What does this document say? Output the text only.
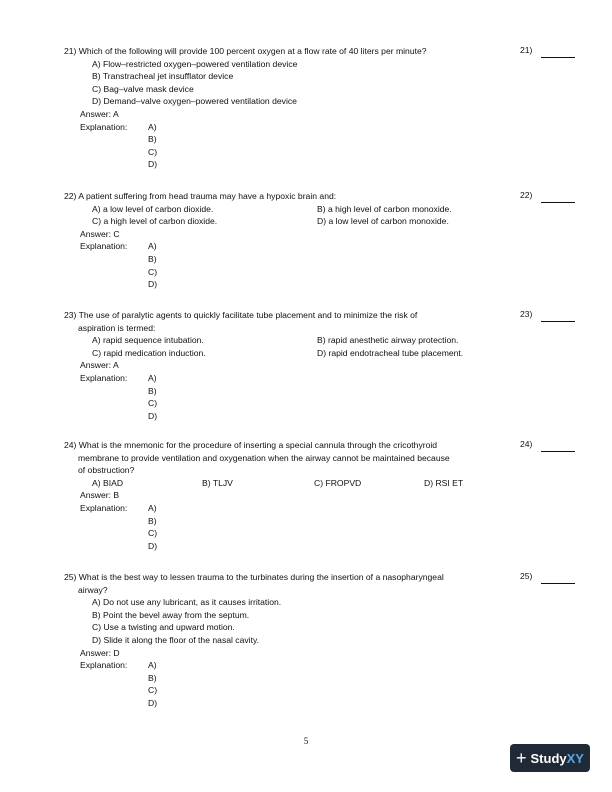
21) Which of the following will provide 100 percent oxygen at a flow rate of 40 liters per minute?
A) Flow–restricted oxygen–powered ventilation device
B) Transtracheal jet insufflator device
C) Bag–valve mask device
D) Demand–valve oxygen–powered ventilation device
Answer: A
Explanation:	A)
B)
C)
D)
21)
22) A patient suffering from head trauma may have a hypoxic brain and:
A) a low level of carbon dioxide.	B) a high level of carbon monoxide.
C) a high level of carbon dioxide.	D) a low level of carbon monoxide.
Answer: C
Explanation:	A)
B)
C)
D)
22)
23) The use of paralytic agents to quickly facilitate tube placement and to minimize the risk of
aspiration is termed:
A) rapid sequence intubation.	B) rapid anesthetic airway protection.
C) rapid medication induction.	D) rapid endotracheal tube placement.
Answer: A
Explanation:	A)
B)
C)
D)
23)
24) What is the mnemonic for the procedure of inserting a special cannula through the cricothyroid
membrane to provide ventilation and oxygenation when the airway cannot be maintained because
of obstruction?
A) BIAD	B) TLJV	C) FROPVD	D) RSI ET
Answer: B
Explanation:	A)
B)
C)
D)
24)
25) What is the best way to lessen trauma to the turbinates during the insertion of a nasopharyngeal
airway?
A) Do not use any lubricant, as it causes irritation.
B) Point the bevel away from the septum.
C) Use a twisting and upward motion.
D) Slide it along the floor of the nasal cavity.
Answer: D
Explanation:	A)
B)
C)
D)
25)
5
+ Study XY
